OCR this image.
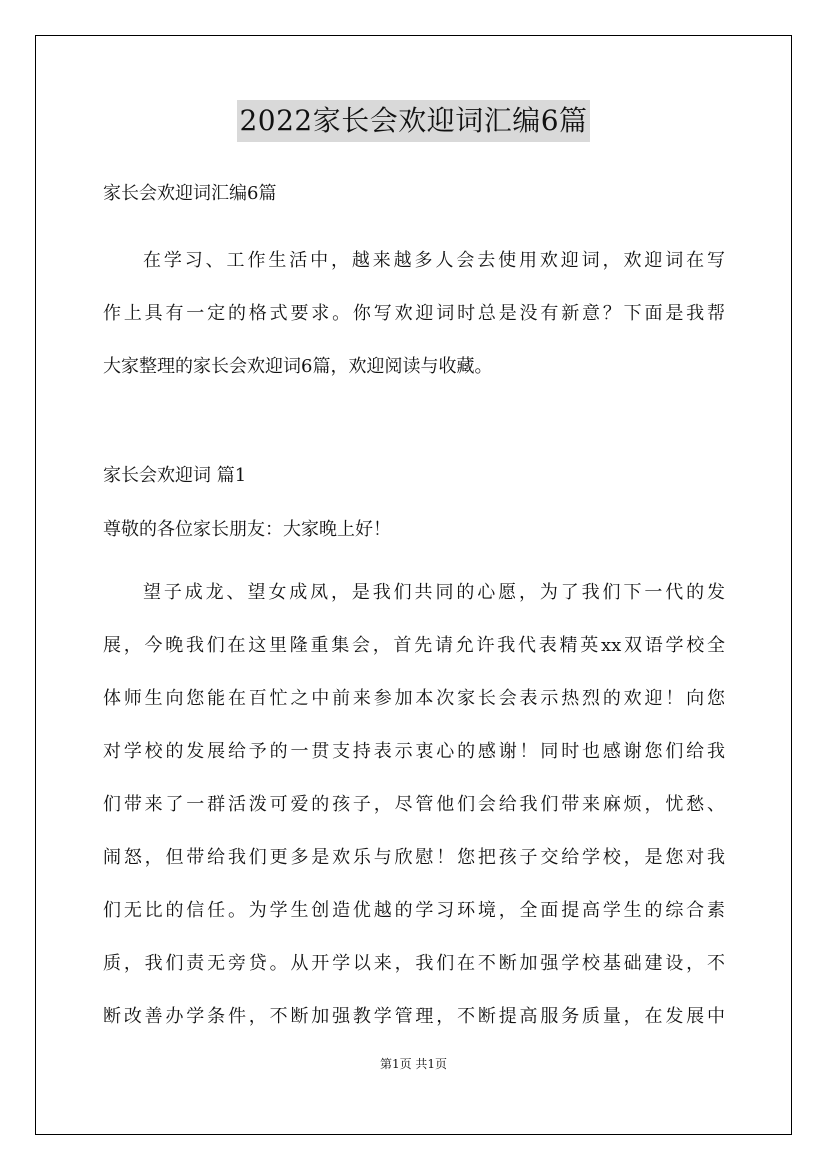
2022家长会欢迎词汇编6篇
家长会欢迎词汇编6篇
在学习、工作生活中，越来越多人会去使用欢迎词，欢迎词在写
作上具有一定的格式要求。你写欢迎词时总是没有新意？下面是我帮
大家整理的家长会欢迎词6篇，欢迎阅读与收藏。
家长会欢迎词 篇1
尊敬的各位家长朋友：大家晚上好！
望子成龙、望女成凤，是我们共同的心愿，为了我们下一代的发
展，今晚我们在这里隆重集会，首先请允许我代表精英xx双语学校全
体师生向您能在百忙之中前来参加本次家长会表示热烈的欢迎！向您
对学校的发展给予的一贯支持表示衷心的感谢！同时也感谢您们给我
们带来了一群活泼可爱的孩子，尽管他们会给我们带来麻烦，忧愁、
闹怒，但带给我们更多是欢乐与欣慰！您把孩子交给学校，是您对我
们无比的信任。为学生创造优越的学习环境，全面提高学生的综合素
质，我们责无旁贷。从开学以来，我们在不断加强学校基础建设，不
断改善办学条件，不断加强教学管理，不断提高服务质量，在发展中
第1页 共1页
